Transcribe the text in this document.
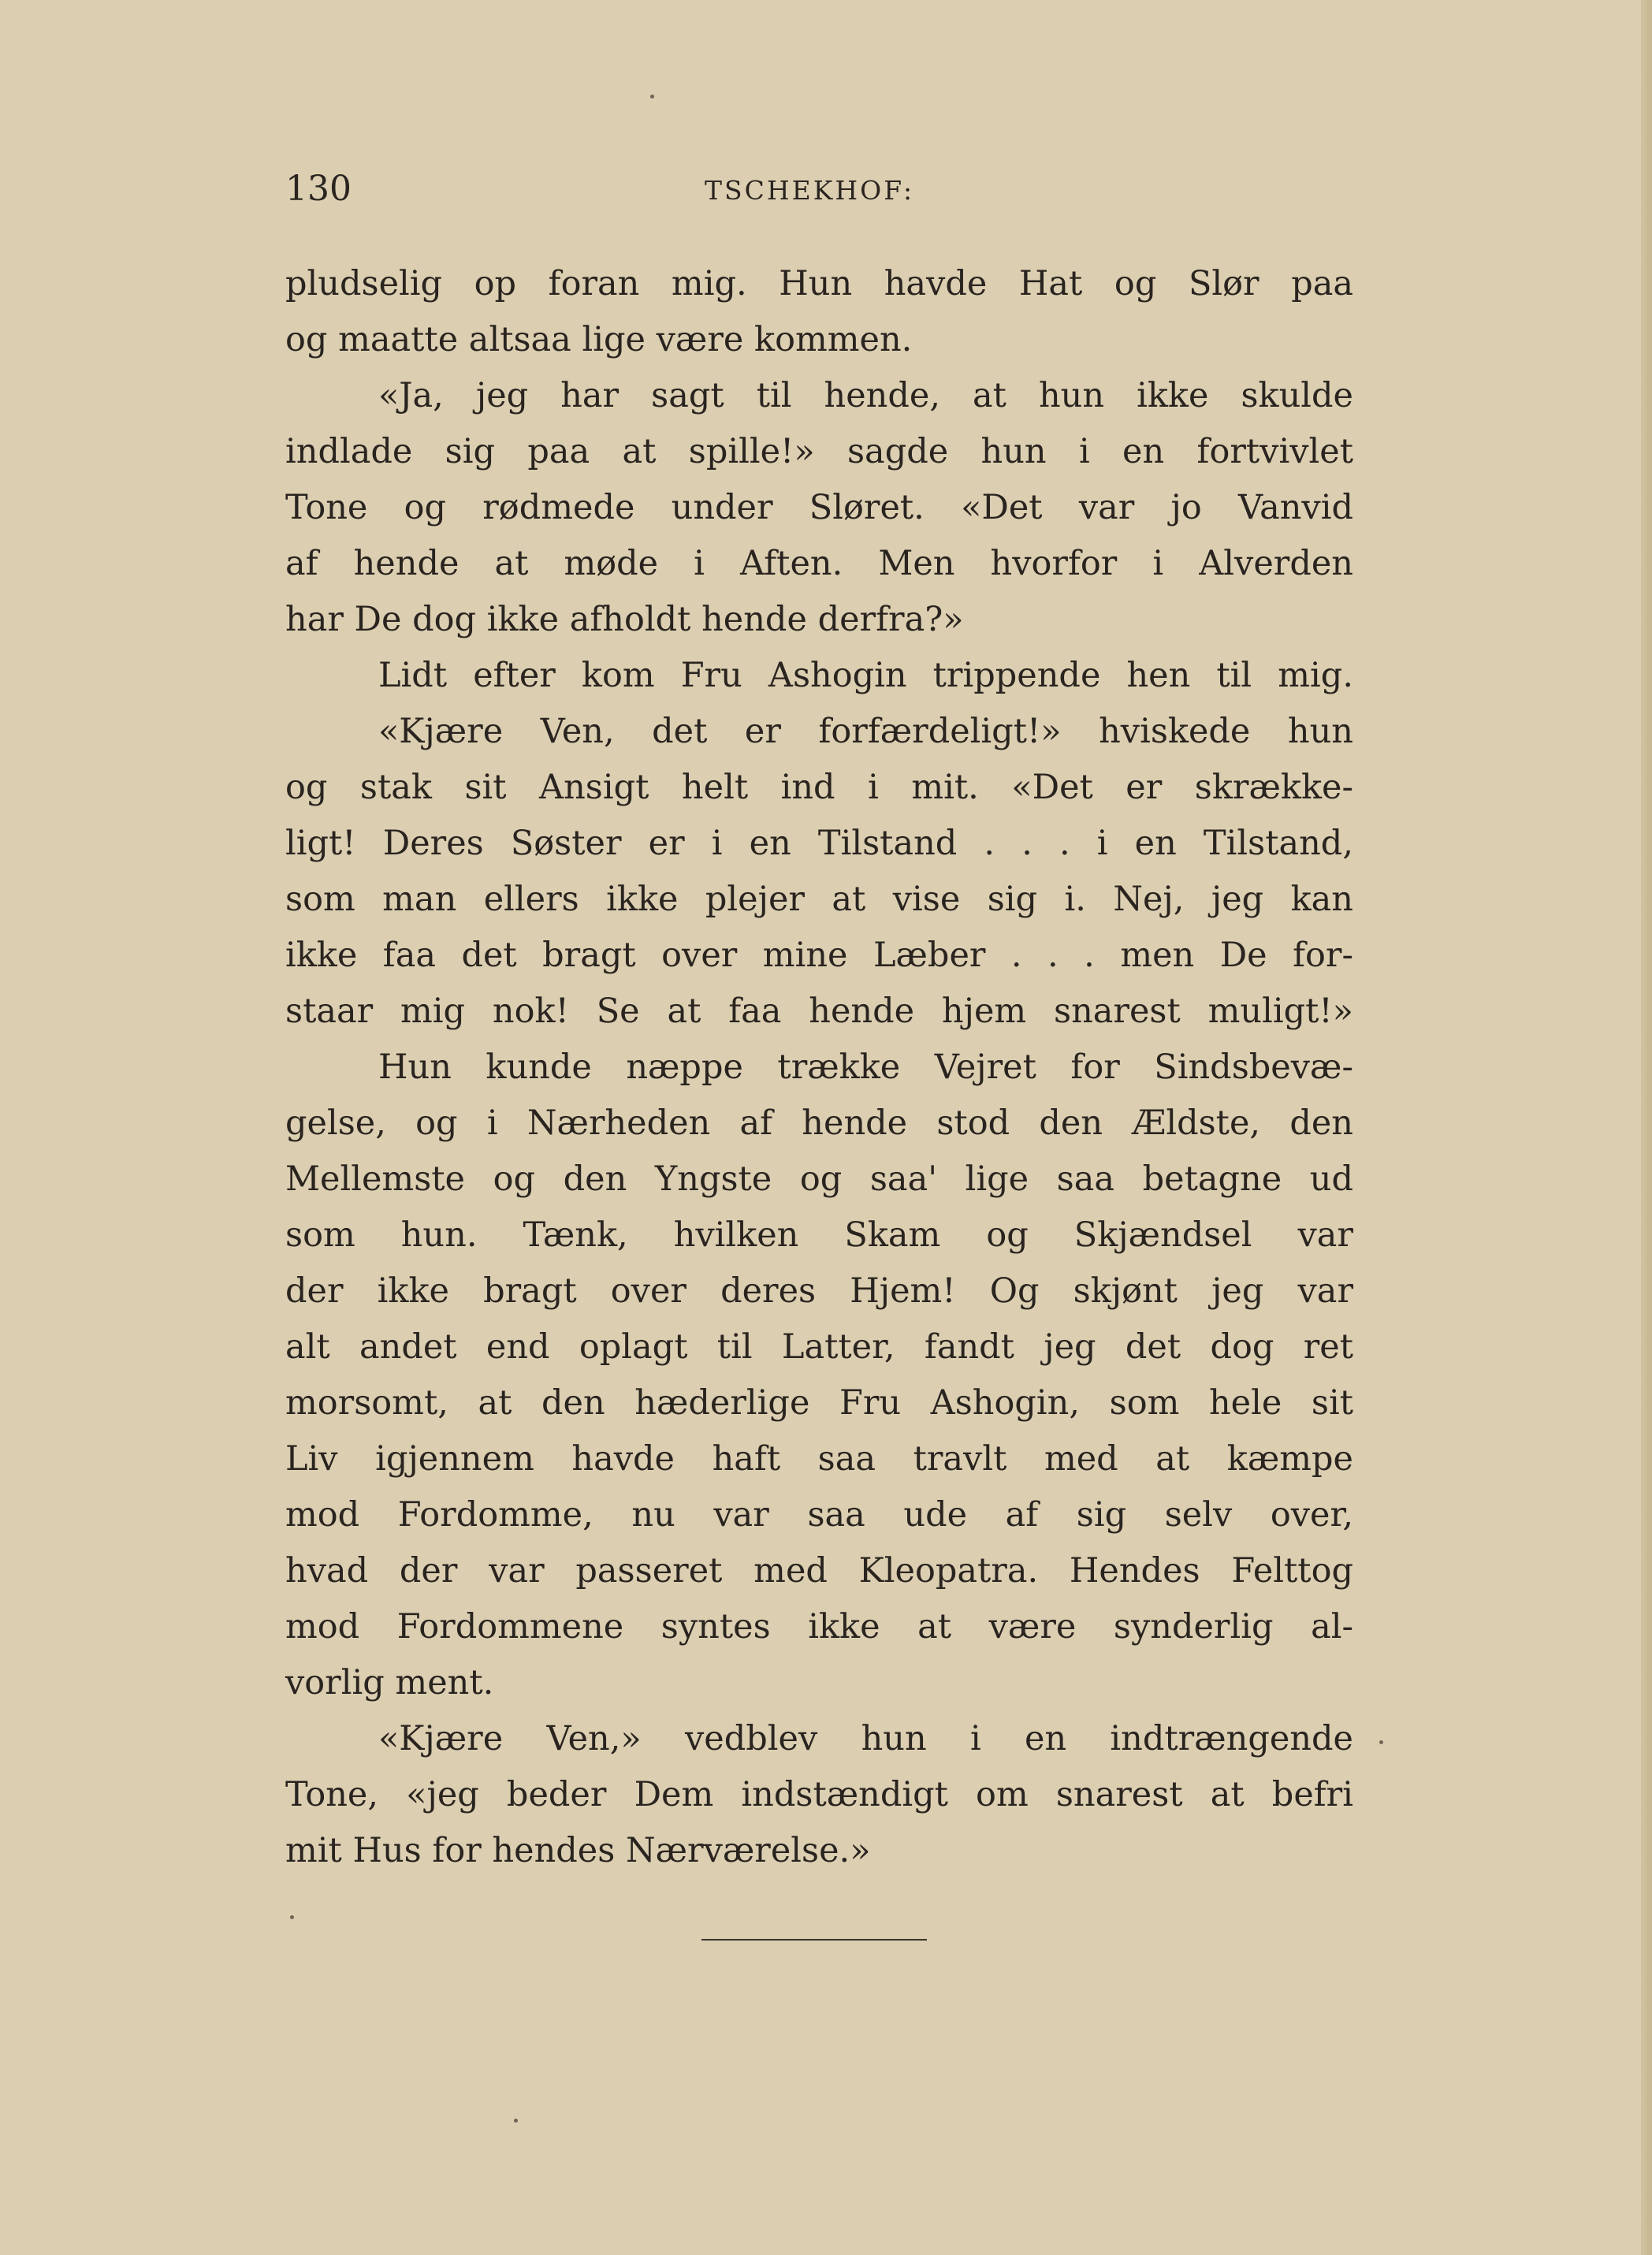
130	TSCHEKHOF:
pludselig op foran mig. Hun havde Hat og Slør paa
og maatte altsaa lige være kommen.
«Ja, jeg har sagt til hende, at hun ikke skulde
indlade sig paa at spille!» sagde hun i en fortvivlet
Tone og rødmede under Sløret. «Det var jo Vanvid
af hende at møde i Aften. Men hvorfor i Alverden
har De dog ikke afholdt hende derfra?»
Lidt efter kom Fru Ashogin trippende hen til mig.
«Kjære Ven, det er forfærdeligt!» hviskede hun
og stak sit Ansigt helt ind i mit. «Det er skrække-
ligt! Deres Søster er i en Tilstand . . . i en Tilstand,
som man ellers ikke plejer at vise sig i. Nej, jeg kan
ikke faa det bragt over mine Læber . . . men De for-
staar mig nok! Se at faa hende hjem snarest muligt!»
Hun kunde næppe trække Vejret for Sindsbevæ-
gelse, og i Nærheden af hende stod den Ældste, den
Mellemste og den Yngste og saa' lige saa betagne ud
som hun. Tænk, hvilken Skam og Skjændsel var
der ikke bragt over deres Hjem! Og skjønt jeg var
alt andet end oplagt til Latter, fandt jeg det dog ret
morsomt, at den hæderlige Fru Ashogin, som hele sit
Liv igjennem havde haft saa travlt med at kæmpe
mod Fordomme, nu var saa ude af sig selv over,
hvad der var passeret med Kleopatra. Hendes Felttog
mod Fordommene syntes ikke at være synderlig al-
vorlig ment.
«Kjære Ven,» vedblev hun i en indtrængende
Tone, «jeg beder Dem indstændigt om snarest at befri
mit Hus for hendes Nærværelse.»
